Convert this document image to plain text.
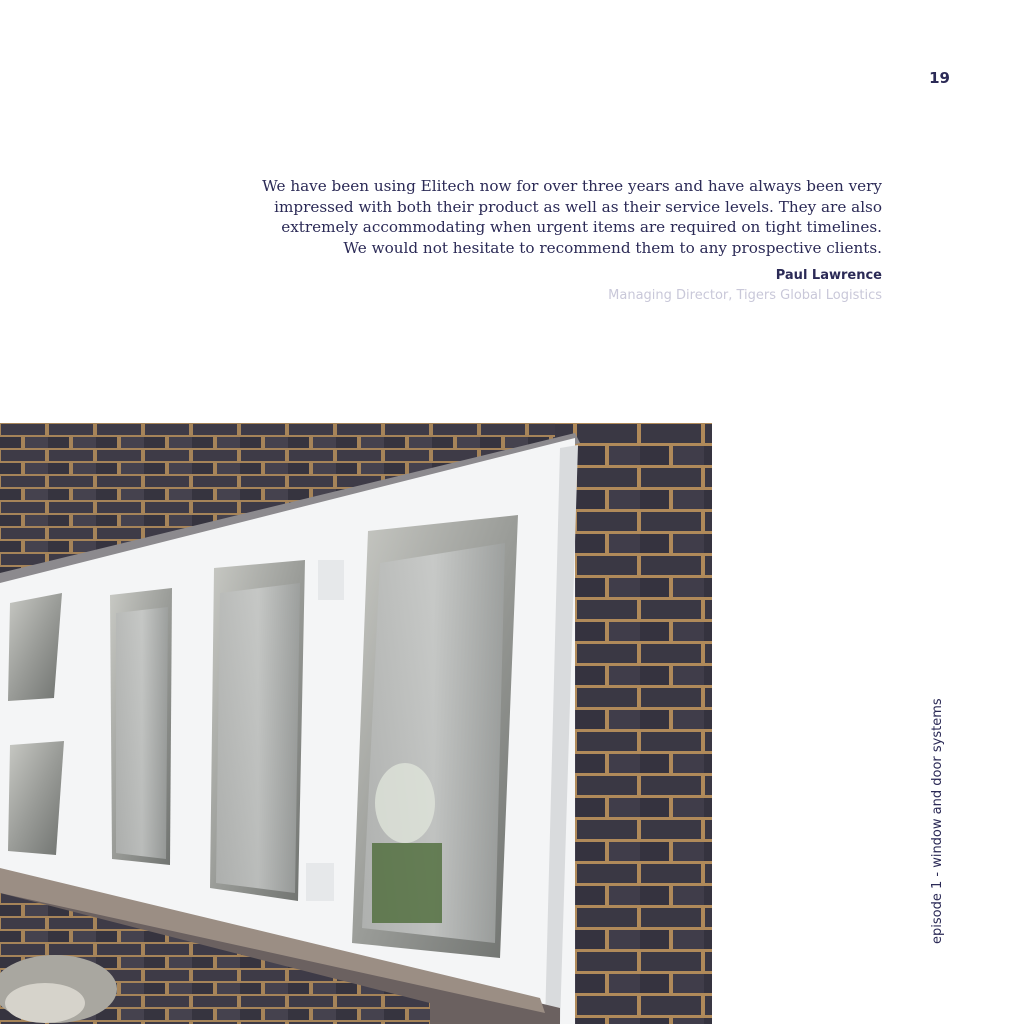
19

We have been using Elitech now for over three years and have always been very
impressed with both their product as well as their service levels. They are also
extremely accommodating when urgent items are required on tight timelines.
We would not hesitate to recommend them to any prospective clients.

Paul Lawrence
Managing Director, Tigers Global Logistics
episode 1 - window and door systems
